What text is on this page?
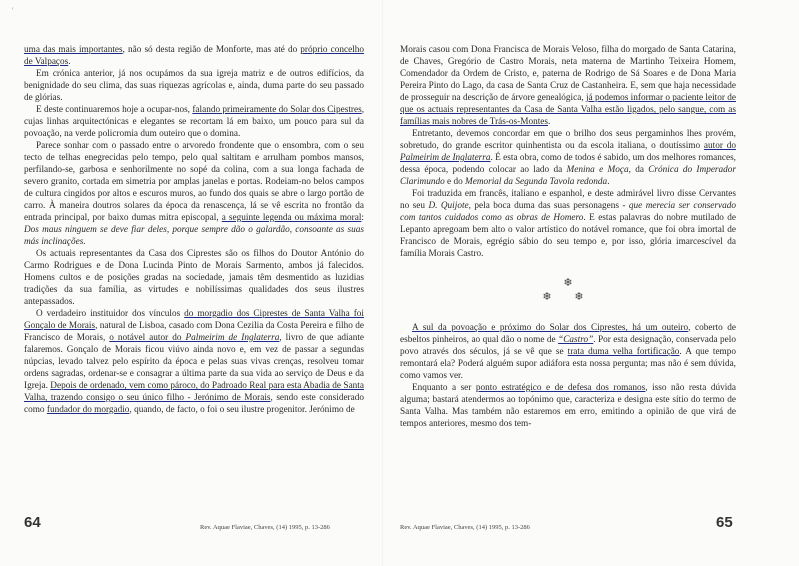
'

uma das mais importantes, não só desta região de Monforte, mas até do próprio concelho de Valpaços.

Em crónica anterior, já nos ocupámos da sua igreja matriz e de outros edifícios, da benignidade do seu clima, das suas riquezas agrícolas e, ainda, duma parte do seu passado de glórias.

E deste continuaremos hoje a ocupar-nos, falando primeiramente do Solar dos Cipestres, cujas linhas arquitectónicas e elegantes se recortam lá em baixo, um pouco para sul da povoação, na verde policromia dum outeiro que o domina.

Parece sonhar com o passado entre o arvoredo frondente que o ensombra, com o seu tecto de telhas enegrecidas pelo tempo, pelo qual saltitam e arrulham pombos mansos, perfilando-se, garbosa e senhorilmente no sopé da colina, com a sua longa fachada de severo granito, cortada em simetria por amplas janelas e portas. Rodeiam-no belos campos de cultura cingidos por altos e escuros muros, ao fundo dos quais se abre o largo portão de carro. À maneira doutros solares da época da renascença, lá se vê escrita no frontão da entrada principal, por baixo dumas mitra episcopal, a seguinte legenda ou máxima moral: Dos maus ninguem se deve fiar deles, porque sempre dão o galardão, consoante as suas más inclinações.

Os actuais representantes da Casa dos Ciprestes são os filhos do Doutor António do Carmo Rodrigues e de Dona Lucinda Pinto de Morais Sarmento, ambos já falecidos. Homens cultos e de posições gradas na sociedade, jamais têm desmentido as luzidias tradições da sua família, as virtudes e nobilíssimas qualidades dos seus ilustres antepassados.

O verdadeiro instituidor dos vínculos do morgadio dos Ciprestes de Santa Valha foi Gonçalo de Morais, natural de Lisboa, casado com Dona Cezilia da Costa Pereira e filho de Francisco de Morais, o notável autor do Palmeirim de Inglaterra, livro de que adiante falaremos. Gonçalo de Morais ficou viúvo ainda novo e, em vez de passar a segundas núpcias, levado talvez pelo espírito da época e pelas suas vivas crenças, resolveu tomar ordens sagradas, ordenar-se e consagrar a última parte da sua vida ao serviço de Deus e da Igreja. Depois de ordenado, vem como pároco, do Padroado Real para esta Abadia de Santa Valha, trazendo consigo o seu único filho - Jerónimo de Morais, sendo este considerado como fundador do morgadio, quando, de facto, o foi o seu ilustre progenitor. Jerónimo de

64	Rev. Aquae Flaviae, Chaves, (14) 1995, p. 13-286

Morais casou com Dona Francisca de Morais Veloso, filha do morgado de Santa Catarina, de Chaves, Gregório de Castro Morais, neta materna de Martinho Teixeira Homem, Comendador da Ordem de Cristo, e, paterna de Rodrigo de Sá Soares e de Dona Maria Pereira Pinto do Lago, da casa de Santa Cruz de Castanheira. E, sem que haja necessidade de prosseguir na descrição de árvore genealógica, já podemos informar o paciente leitor de que os actuais representantes da Casa de Santa Valha estão ligados, pelo sangue, com as famílias mais nobres de Trás-os-Montes.

Entretanto, devemos concordar em que o brilho dos seus pergaminhos lhes provém, sobretudo, do grande escritor quinhentista ou da escola italiana, o doutíssimo autor do Palmeirim de Inglaterra. É esta obra, como de todos é sabido, um dos melhores romances, dessa época, podendo colocar ao lado da Menina e Moça, da Crónica do Imperador Clarimundo e do Memorial da Segunda Tavola redonda.

Foi traduzida em francês, italiano e espanhol, e deste admirável livro disse Cervantes no seu D. Quijote, pela boca duma das suas personagens - que merecia ser conservado com tantos cuidados como as obras de Homero. E estas palavras do nobre mutilado de Lepanto apregoam bem alto o valor artístico do notável romance, que foi obra imortal de Francisco de Morais, egrégio sábio do seu tempo e, por isso, glória imarcescível da família Morais Castro.

❄
❄ ❄

A sul da povoação e próximo do Solar dos Ciprestes, há um outeiro, coberto de esbeltos pinheiros, ao qual dão o nome de “Castro”. Por esta designação, conservada pelo povo através dos séculos, já se vê que se trata duma velha fortificação. A que tempo remontará ela? Poderá alguém supor adiáfora esta nossa pergunta; mas não é sem dúvida, como vamos ver.

Enquanto a ser ponto estratégico e de defesa dos romanos, isso não resta dúvida alguma; bastará atendermos ao topónimo que, caracteriza e designa este sítio do termo de Santa Valha. Mas também não estaremos em erro, emitindo a opinião de que virá de tempos anteriores, mesmo dos tem-

Rev. Aquae Flaviae, Chaves, (14) 1995, p. 13-286	65
